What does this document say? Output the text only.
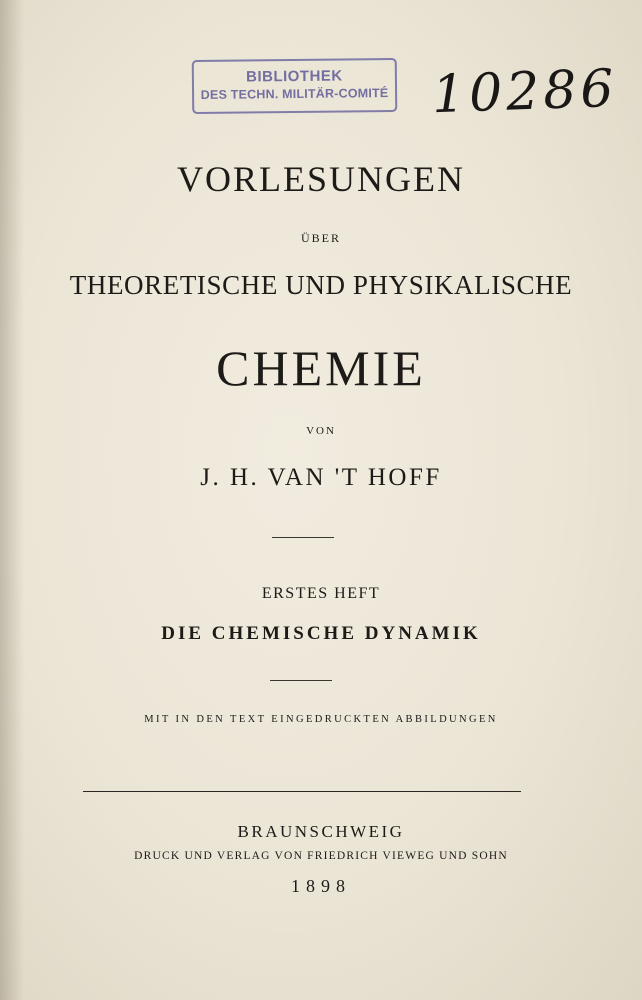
BIBLIOTHEK
DES TECHN. MILITÄR-COMITÉ 10286
VORLESUNGEN
ÜBER
THEORETISCHE UND PHYSIKALISCHE
CHEMIE
VON
J. H. VAN 'T HOFF
ERSTES HEFT
DIE CHEMISCHE DYNAMIK
MIT IN DEN TEXT EINGEDRUCKTEN ABBILDUNGEN
BRAUNSCHWEIG
DRUCK UND VERLAG VON FRIEDRICH VIEWEG UND SOHN
1898
